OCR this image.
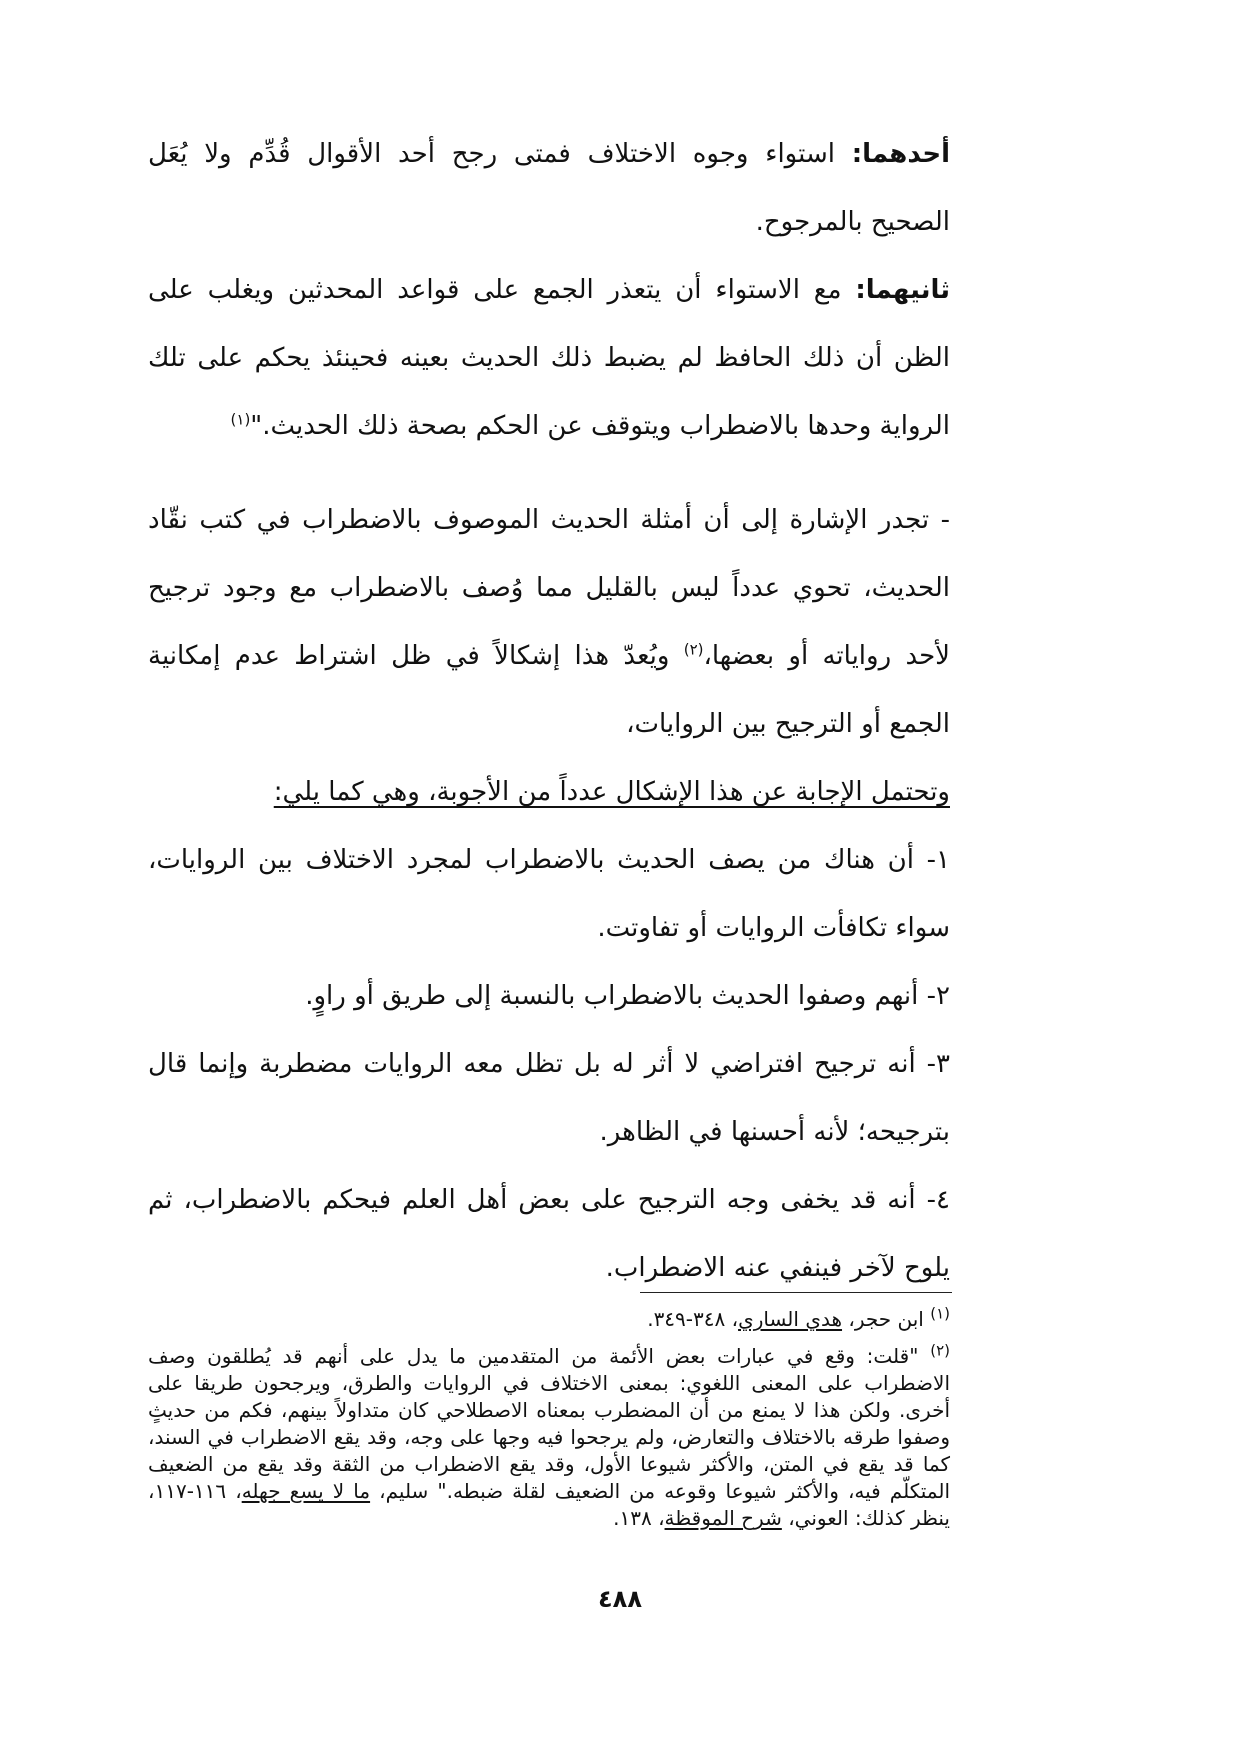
أحدهما: استواء وجوه الاختلاف فمتى رجح أحد الأقوال قُدِّم ولا يُعَل الصحيح بالمرجوح.

ثانيهما: مع الاستواء أن يتعذر الجمع على قواعد المحدثين ويغلب على الظن أن ذلك الحافظ لم يضبط ذلك الحديث بعينه فحينئذ يحكم على تلك الرواية وحدها بالاضطراب ويتوقف عن الحكم بصحة ذلك الحديث."$^{(١)}$

- تجدر الإشارة إلى أن أمثلة الحديث الموصوف بالاضطراب في كتب نقّاد الحديث، تحوي عدداً ليس بالقليل مما وُصف بالاضطراب مع وجود ترجيح لأحد رواياته أو بعضها،$^{(٢)}$ ويُعدّ هذا إشكالاً في ظل اشتراط عدم إمكانية الجمع أو الترجيح بين الروايات،

وتحتمل الإجابة عن هذا الإشكال عدداً من الأجوبة، وهي كما يلي:

١- أن هناك من يصف الحديث بالاضطراب لمجرد الاختلاف بين الروايات، سواء تكافأت الروايات أو تفاوتت.

٢- أنهم وصفوا الحديث بالاضطراب بالنسبة إلى طريق أو راوٍ.

٣- أنه ترجيح افتراضي لا أثر له بل تظل معه الروايات مضطربة وإنما قال بترجيحه؛ لأنه أحسنها في الظاهر.

٤- أنه قد يخفى وجه الترجيح على بعض أهل العلم فيحكم بالاضطراب، ثم يلوح لآخر فينفي عنه الاضطراب.

$^{(١)}$ ابن حجر، هدي الساري، ٣٤٨-٣٤٩.

$^{(٢)}$ "قلت: وقع في عبارات بعض الأئمة من المتقدمين ما يدل على أنهم قد يُطلقون وصف الاضطراب على المعنى اللغوي: بمعنى الاختلاف في الروايات والطرق، ويرجحون طريقا على أخرى. ولكن هذا لا يمنع من أن المضطرب بمعناه الاصطلاحي كان متداولاً بينهم، فكم من حديثٍ وصفوا طرقه بالاختلاف والتعارض، ولم يرجحوا فيه وجها على وجه، وقد يقع الاضطراب في السند، كما قد يقع في المتن، والأكثر شيوعا الأول، وقد يقع الاضطراب من الثقة وقد يقع من الضعيف المتكلّم فيه، والأكثر شيوعا وقوعه من الضعيف لقلة ضبطه." سليم، ما لا يسع جهله، ١١٦-١١٧، ينظر كذلك: العوني، شرح الموقظة، ١٣٨.

٤٨٨
